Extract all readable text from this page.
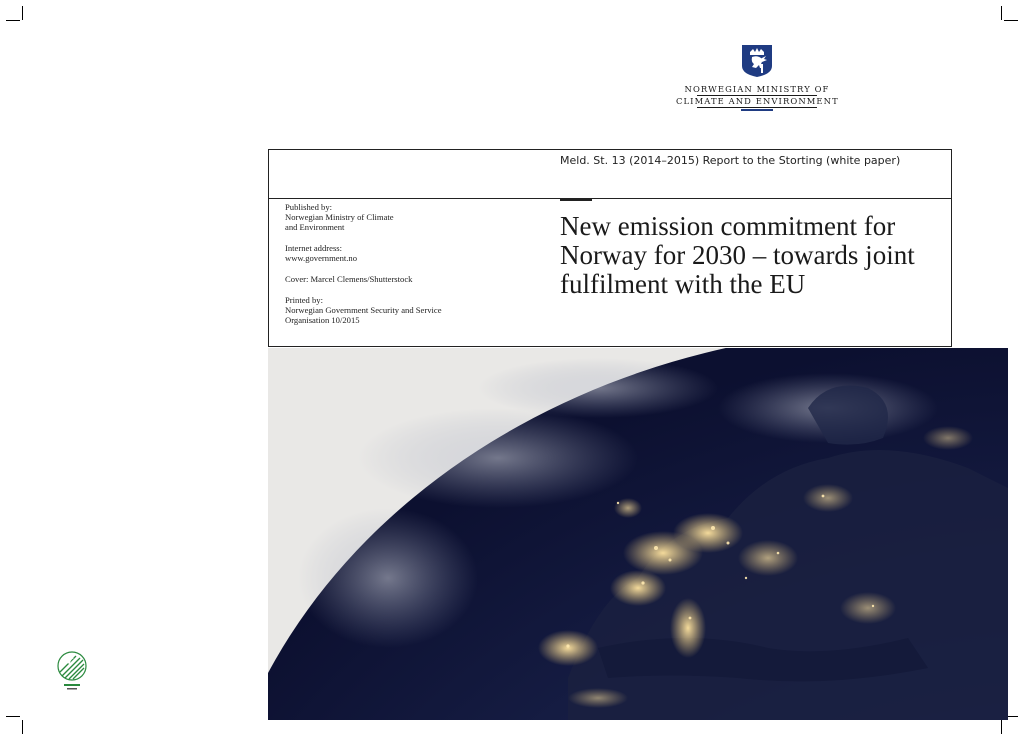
NORWEGIAN MINISTRY OF
CLIMATE AND ENVIRONMENT
Meld. St. 13 (2014–2015) Report to the Storting (white paper)
New emission commitment for
Norway for 2030 – towards joint
fulfilment with the EU
Published by:
Norwegian Ministry of Climate
and Environment
Internet address:
www.government.no
Cover: Marcel Clemens/Shutterstock
Printed by:
Norwegian Government Security and Service
Organisation 10/2015
